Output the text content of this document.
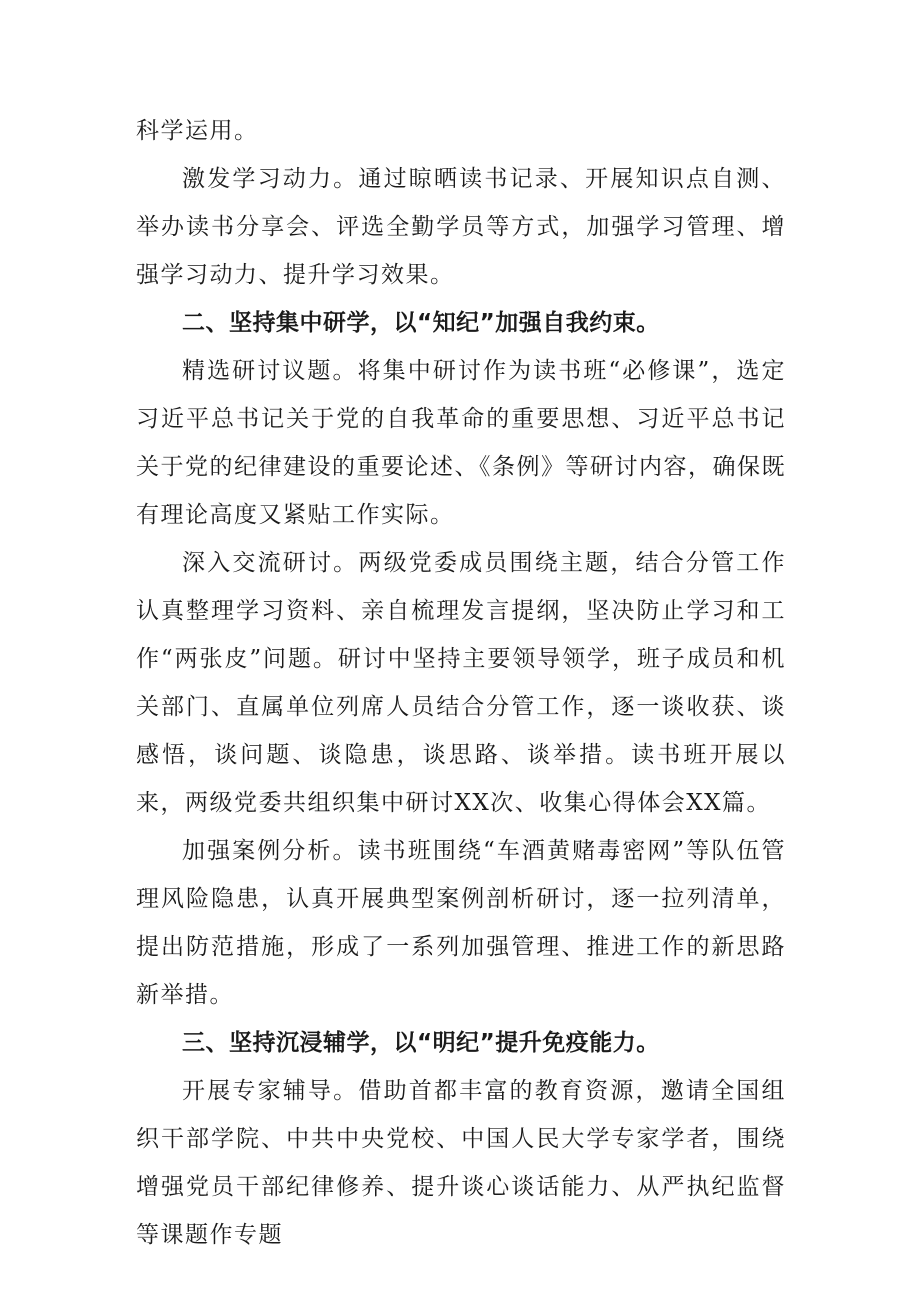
科学运用。

激发学习动力。通过晾晒读书记录、开展知识点自测、举办读书分享会、评选全勤学员等方式，加强学习管理、增强学习动力、提升学习效果。

二、坚持集中研学，以“知纪”加强自我约束。

精选研讨议题。将集中研讨作为读书班“必修课”，选定习近平总书记关于党的自我革命的重要思想、习近平总书记关于党的纪律建设的重要论述、《条例》等研讨内容，确保既有理论高度又紧贴工作实际。

深入交流研讨。两级党委成员围绕主题，结合分管工作认真整理学习资料、亲自梳理发言提纲，坚决防止学习和工作“两张皮”问题。研讨中坚持主要领导领学，班子成员和机关部门、直属单位列席人员结合分管工作，逐一谈收获、谈感悟，谈问题、谈隐患，谈思路、谈举措。读书班开展以来，两级党委共组织集中研讨XX次、收集心得体会XX篇。

加强案例分析。读书班围绕“车酒黄赌毒密网”等队伍管理风险隐患，认真开展典型案例剖析研讨，逐一拉列清单，提出防范措施，形成了一系列加强管理、推进工作的新思路新举措。

三、坚持沉浸辅学，以“明纪”提升免疫能力。

开展专家辅导。借助首都丰富的教育资源，邀请全国组织干部学院、中共中央党校、中国人民大学专家学者，围绕增强党员干部纪律修养、提升谈心谈话能力、从严执纪监督等课题作专题
